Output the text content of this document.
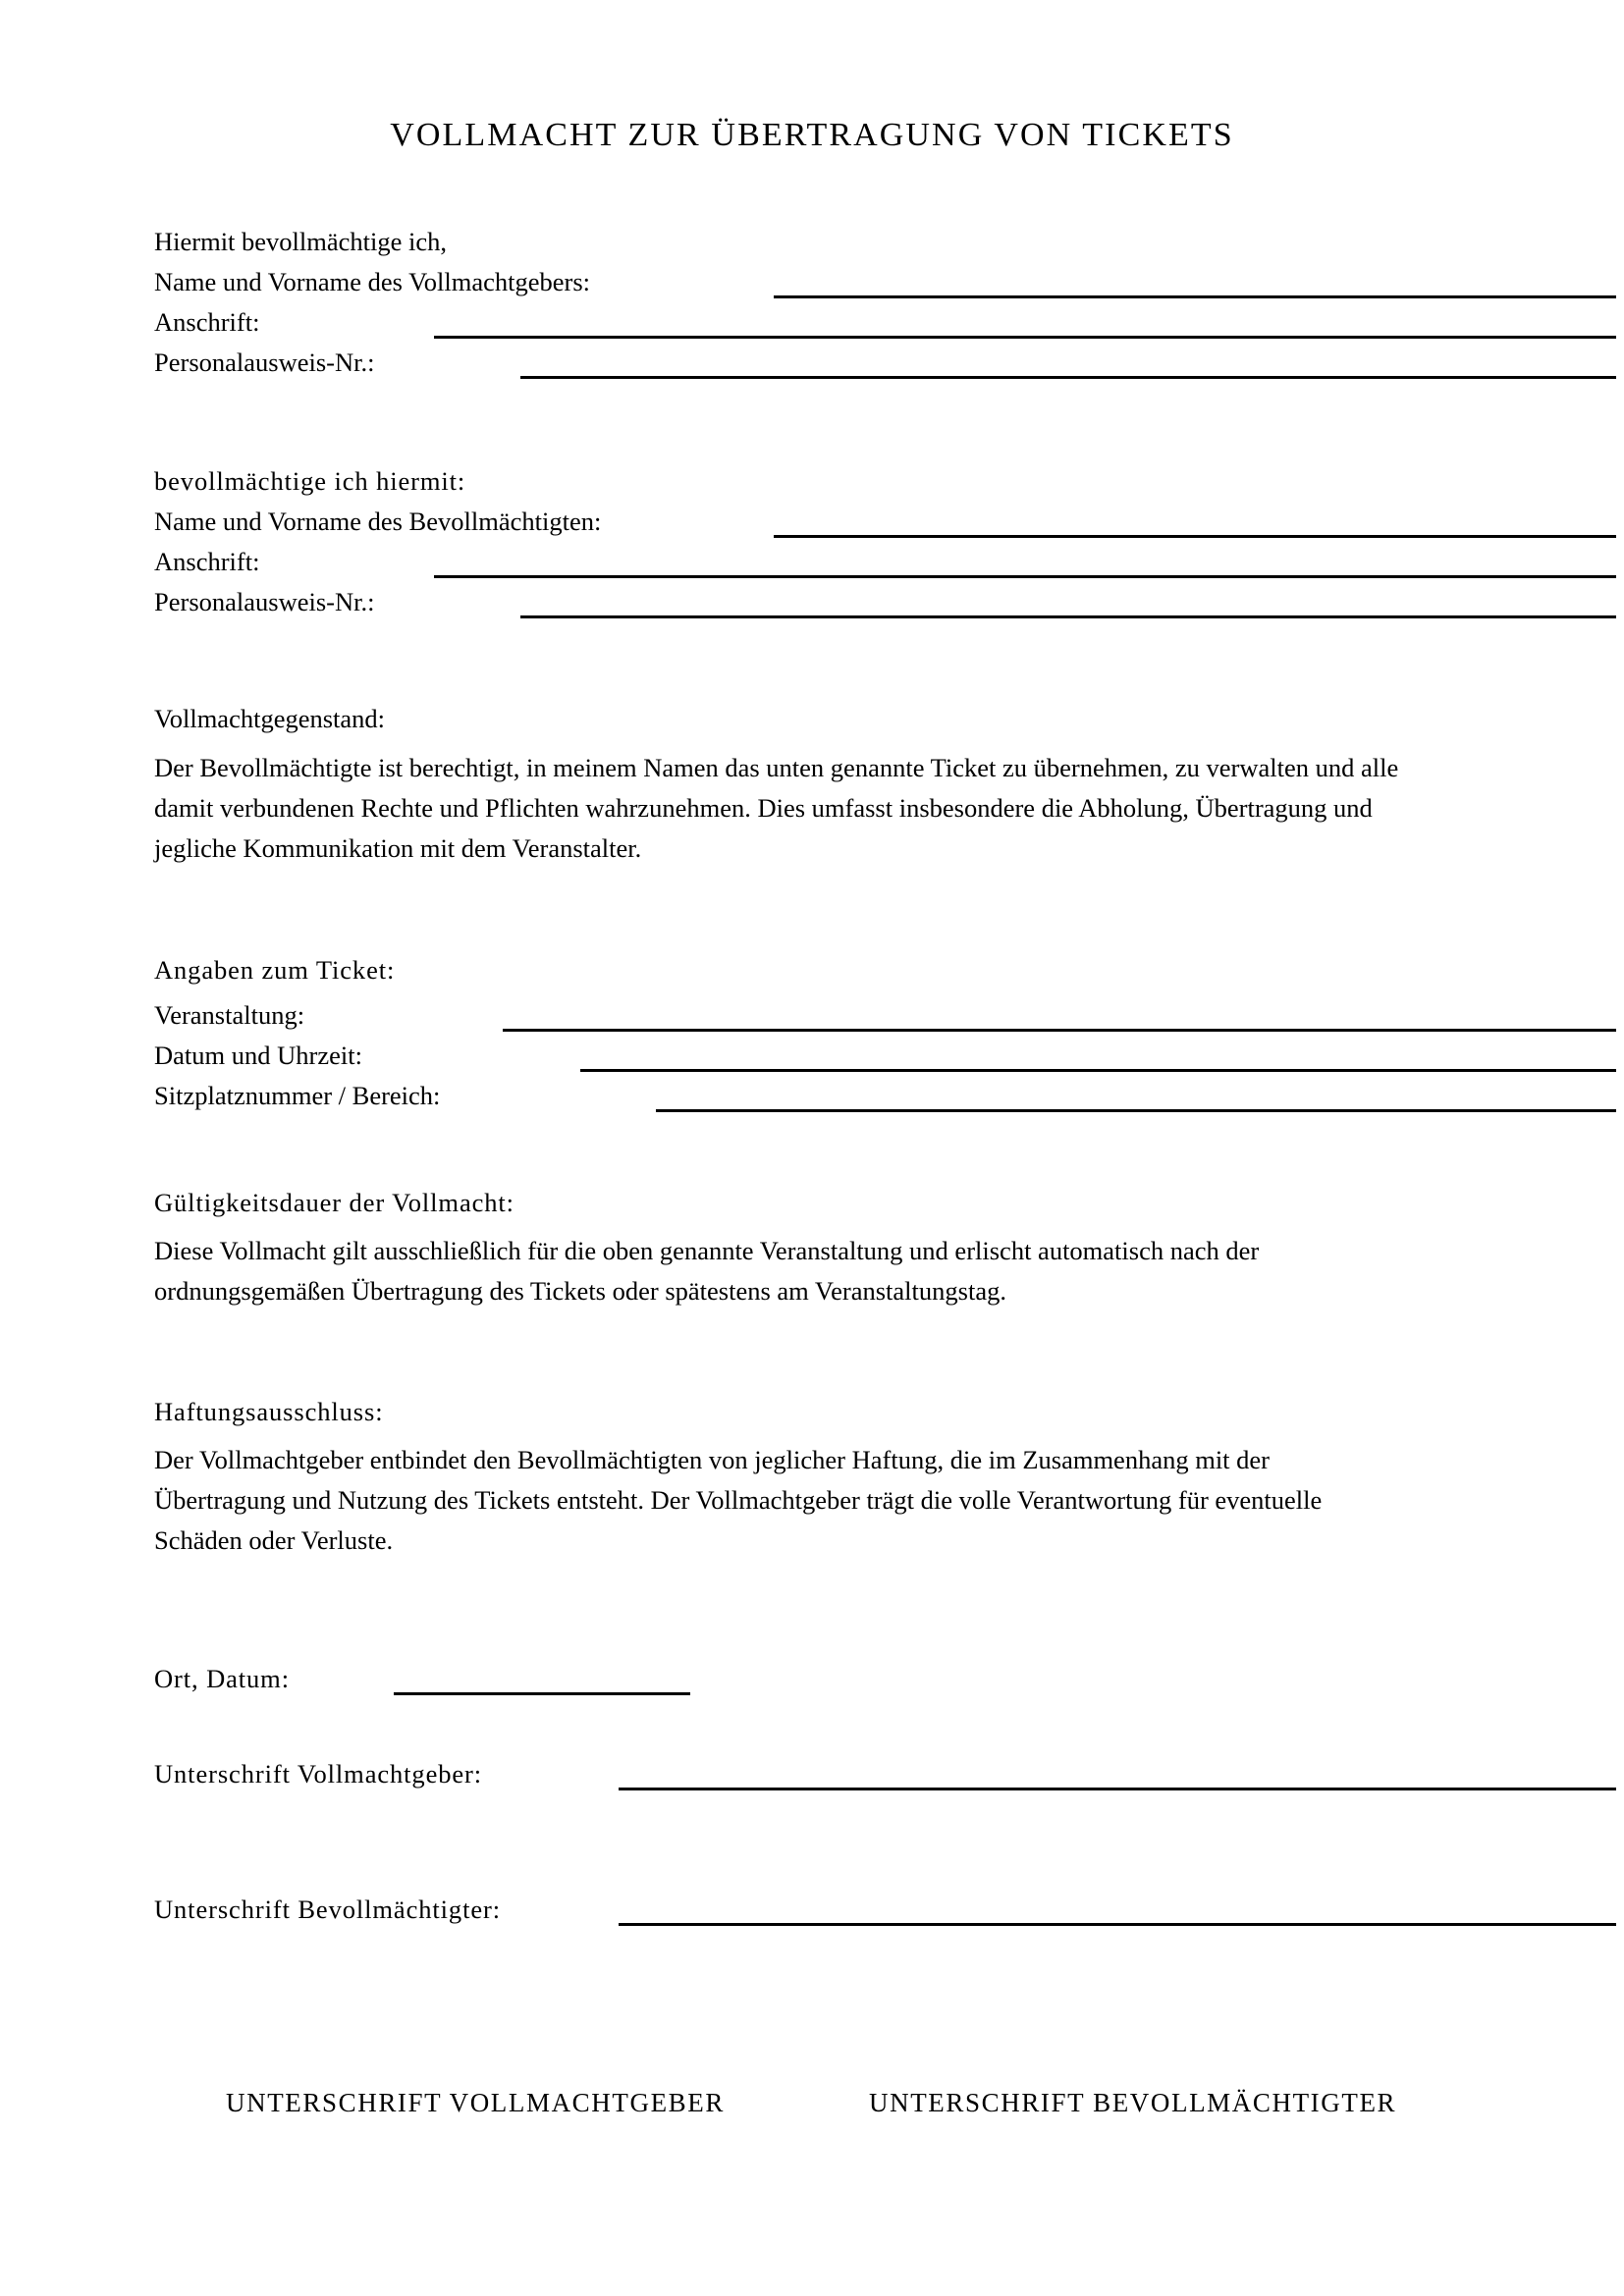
VOLLMACHT ZUR ÜBERTRAGUNG VON TICKETS
Hiermit bevollmächtige ich,
Name und Vorname des Vollmachtgebers:
Anschrift:
Personalausweis-Nr.:
bevollmächtige ich hiermit:
Name und Vorname des Bevollmächtigten:
Anschrift:
Personalausweis-Nr.:
Vollmachtgegenstand:
Der Bevollmächtigte ist berechtigt, in meinem Namen das unten genannte Ticket zu übernehmen, zu verwalten und alle
damit verbundenen Rechte und Pflichten wahrzunehmen. Dies umfasst insbesondere die Abholung, Übertragung und
jegliche Kommunikation mit dem Veranstalter.
Angaben zum Ticket:
Veranstaltung:
Datum und Uhrzeit:
Sitzplatznummer / Bereich:
Gültigkeitsdauer der Vollmacht:
Diese Vollmacht gilt ausschließlich für die oben genannte Veranstaltung und erlischt automatisch nach der
ordnungsgemäßen Übertragung des Tickets oder spätestens am Veranstaltungstag.
Haftungsausschluss:
Der Vollmachtgeber entbindet den Bevollmächtigten von jeglicher Haftung, die im Zusammenhang mit der
Übertragung und Nutzung des Tickets entsteht. Der Vollmachtgeber trägt die volle Verantwortung für eventuelle
Schäden oder Verluste.
Ort, Datum:
Unterschrift Vollmachtgeber:
Unterschrift Bevollmächtigter:
UNTERSCHRIFT VOLLMACHTGEBER	UNTERSCHRIFT BEVOLLMÄCHTIGTER
